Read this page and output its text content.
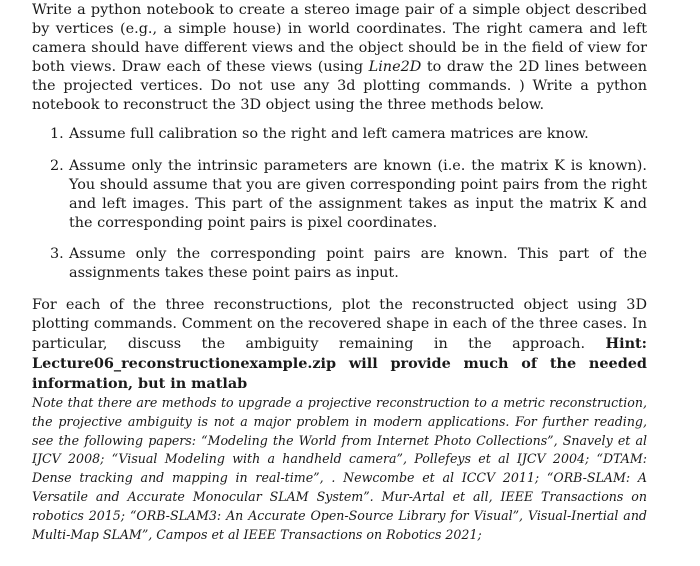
Write a python notebook to create a stereo image pair of a simple object described by vertices (e.g., a simple house) in world coordinates. The right camera and left camera should have different views and the object should be in the field of view for both views. Draw each of these views (using Line2D to draw the 2D lines between the projected vertices. Do not use any 3d plotting commands. ) Write a python notebook to reconstruct the 3D object using the three methods below.

1. Assume full calibration so the right and left camera matrices are know.
2. Assume only the intrinsic parameters are known (i.e. the matrix K is known). You should assume that you are given corresponding point pairs from the right and left images. This part of the assignment takes as input the matrix K and the corresponding point pairs is pixel coordinates.
3. Assume only the corresponding point pairs are known. This part of the assignments takes these point pairs as input.

For each of the three reconstructions, plot the reconstructed object using 3D plotting commands. Comment on the recovered shape in each of the three cases. In particular, discuss the ambiguity remaining in the approach. Hint: Lecture06_reconstructionexample.zip will provide much of the needed information, but in matlab

Note that there are methods to upgrade a projective reconstruction to a metric reconstruction, the projective ambiguity is not a major problem in modern applications. For further reading, see the following papers: “Modeling the World from Internet Photo Collections”, Snavely et al IJCV 2008; “Visual Modeling with a handheld camera”, Pollefeys et al IJCV 2004; “DTAM: Dense tracking and mapping in real-time”, . Newcombe et al ICCV 2011; “ORB-SLAM: A Versatile and Accurate Monocular SLAM System”. Mur-Artal et all, IEEE Transactions on robotics 2015; “ORB-SLAM3: An Accurate Open-Source Library for Visual”, Visual-Inertial and Multi-Map SLAM”, Campos et al IEEE Transactions on Robotics 2021;
